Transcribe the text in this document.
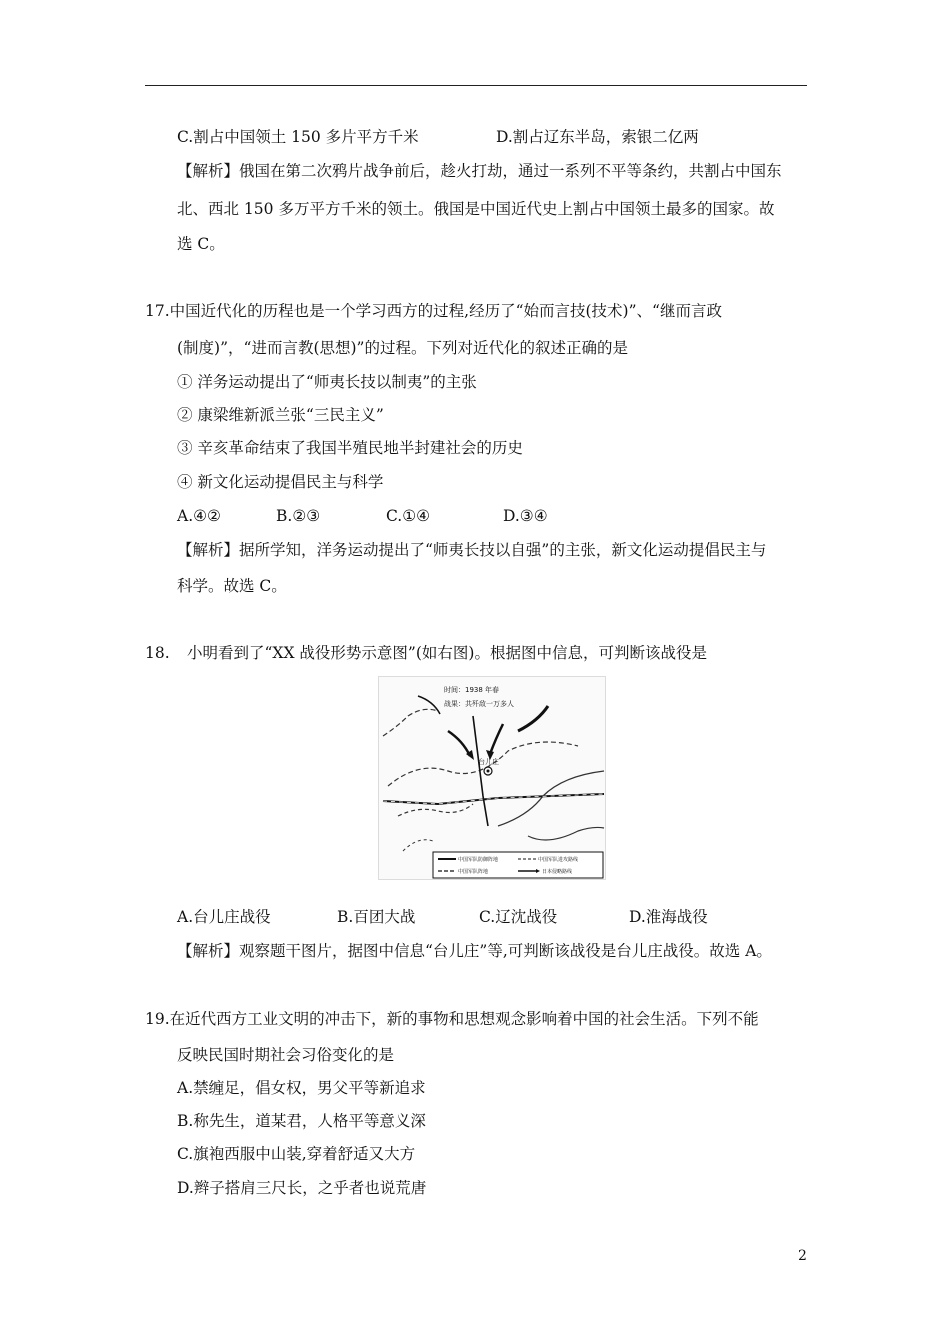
C.割占中国领土 150 多片平方千米	D.割占辽东半岛，索银二亿两
【解析】俄国在第二次鸦片战争前后，趁火打劫，通过一系列不平等条约，共割占中国东
北、西北 150 多万平方千米的领土。俄国是中国近代史上割占中国领土最多的国家。故
选 C。
17.中国近代化的历程也是一个学习西方的过程,经历了“始而言技(技术)”、“继而言政
(制度)”，“进而言教(思想)”的过程。下列对近代化的叙述正确的是
① 洋务运动提出了“师夷长技以制夷”的主张
② 康梁维新派兰张“三民主义”
③ 辛亥革命结束了我国半殖民地半封建社会的历史
④ 新文化运动提倡民主与科学
A.④②	B.②③	C.①④	D.③④
【解析】据所学知，洋务运动提出了“师夷长技以自强”的主张，新文化运动提倡民主与
科学。故选 C。
18. 小明看到了“XX 战役形势示意图”(如右图)。根据图中信息，可判断该战役是
台儿庄
时间：1938 年春
战果：共歼敌一万多人
中国军队防御阵地	中国军队进攻路线
中国军队阵地	日本侵略路线
A.台儿庄战役	B.百团大战	C.辽沈战役	D.淮海战役
【解析】观察题干图片，据图中信息“台儿庄”等,可判断该战役是台儿庄战役。故选 A。
19.在近代西方工业文明的冲击下，新的事物和思想观念影响着中国的社会生活。下列不能
反映民国时期社会习俗变化的是
A.禁缠足，倡女权，男父平等新追求
B.称先生，道某君，人格平等意义深
C.旗袍西服中山装,穿着舒适又大方
D.辫子搭肩三尺长，之乎者也说荒唐
2
